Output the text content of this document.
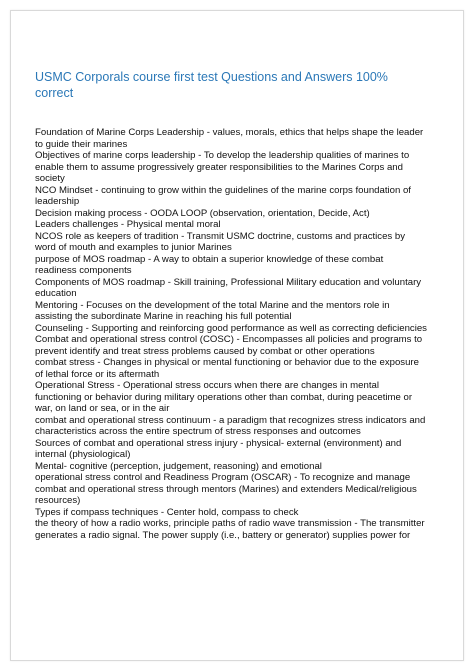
USMC Corporals course first test Questions and Answers 100% correct

Foundation of Marine Corps Leadership - values, morals, ethics that helps shape the leader to guide their marines

Objectives of marine corps leadership - To develop the leadership qualities of marines to enable them to assume progressively greater responsibilities to the Marines Corps and society

NCO Mindset - continuing to grow within the guidelines of the marine corps foundation of leadership

Decision making process - OODA LOOP (observation, orientation, Decide, Act)

Leaders challenges - Physical mental moral

NCOS role as keepers of tradition - Transmit USMC doctrine, customs and practices by word of mouth and examples to junior Marines

purpose of MOS roadmap - A way to obtain a superior knowledge of these combat readiness components

Components of MOS roadmap - Skill training, Professional Military education and voluntary education

Mentoring - Focuses on the development of the total Marine and the mentors role in assisting the subordinate Marine in reaching his full potential

Counseling - Supporting and reinforcing good performance as well as correcting deficiencies

Combat and operational stress control (COSC) - Encompasses all policies and programs to prevent identify and treat stress problems caused by combat or other operations

combat stress - Changes in physical or mental functioning or behavior due to the exposure of lethal force or its aftermath

Operational Stress - Operational stress occurs when there are changes in mental functioning or behavior during military operations other than combat, during peacetime or war, on land or sea, or in the air

combat and operational stress continuum - a paradigm that recognizes stress indicators and characteristics across the entire spectrum of stress responses and outcomes

Sources of combat and operational stress injury - physical- external (environment) and internal (physiological)

Mental- cognitive (perception, judgement, reasoning) and emotional

operational stress control and Readiness Program (OSCAR) - To recognize and manage combat and operational stress through mentors (Marines) and extenders Medical/religious resources)

Types if compass techniques - Center hold, compass to check

the theory of how a radio works, principle paths of radio wave transmission - The transmitter generates a radio signal. The power supply (i.e., battery or generator) supplies power for
